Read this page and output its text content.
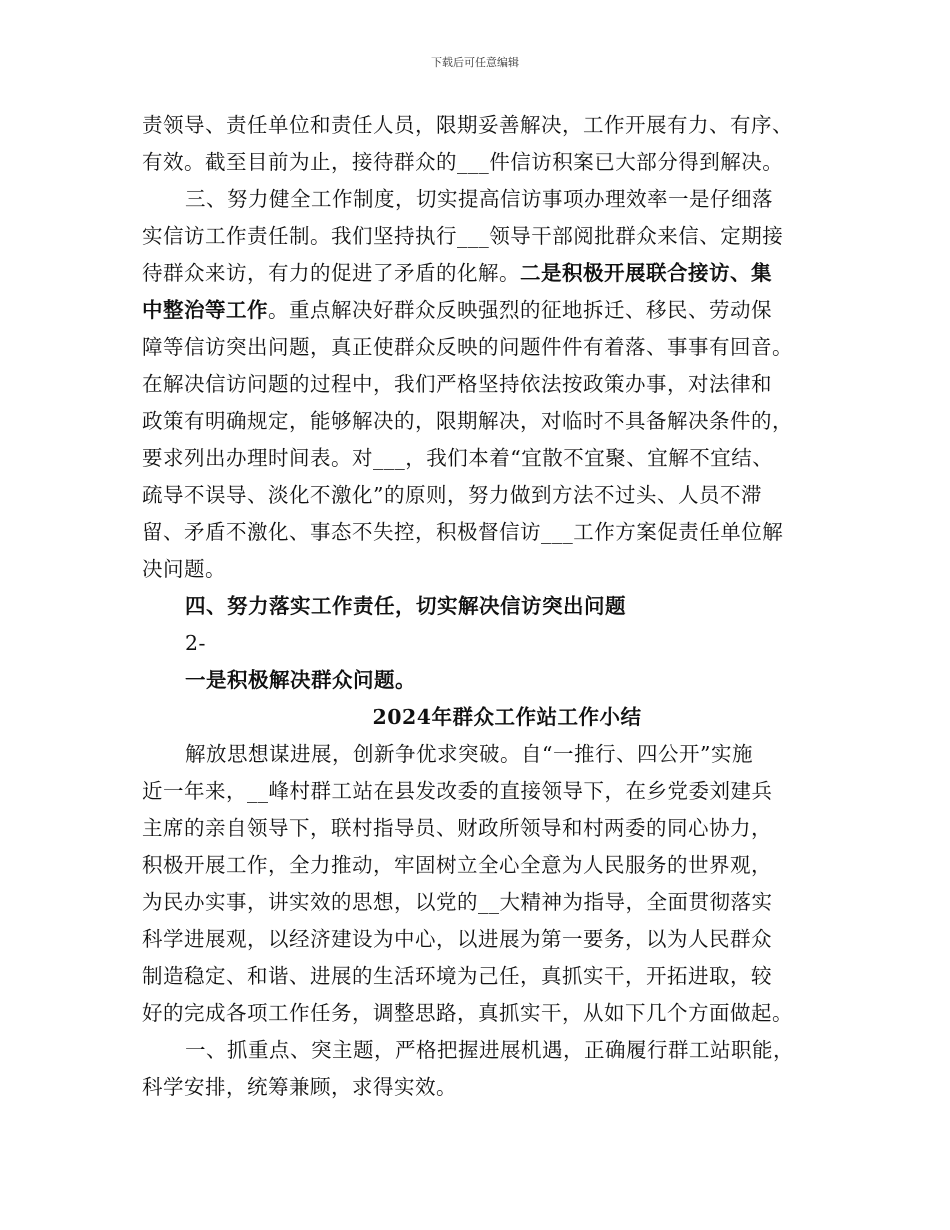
下载后可任意编辑
责领导、责任单位和责任人员，限期妥善解决，工作开展有力、有序、
有效。截至目前为止，接待群众的___件信访积案已大部分得到解决。
三、努力健全工作制度，切实提高信访事项办理效率一是仔细落
实信访工作责任制。我们坚持执行___领导干部阅批群众来信、定期接
待群众来访，有力的促进了矛盾的化解。二是积极开展联合接访、集
中整治等工作。重点解决好群众反映强烈的征地拆迁、移民、劳动保
障等信访突出问题，真正使群众反映的问题件件有着落、事事有回音。
在解决信访问题的过程中，我们严格坚持依法按政策办事，对法律和
政策有明确规定，能够解决的，限期解决，对临时不具备解决条件的，
要求列出办理时间表。对___，我们本着“宜散不宜聚、宜解不宜结、
疏导不误导、淡化不激化”的原则，努力做到方法不过头、人员不滞
留、矛盾不激化、事态不失控，积极督信访___工作方案促责任单位解
决问题。
四、努力落实工作责任，切实解决信访突出问题
2-
一是积极解决群众问题。
2024年群众工作站工作小结
解放思想谋进展，创新争优求突破。自“一推行、四公开”实施
近一年来，__峰村群工站在县发改委的直接领导下，在乡党委刘建兵
主席的亲自领导下，联村指导员、财政所领导和村两委的同心协力，
积极开展工作，全力推动，牢固树立全心全意为人民服务的世界观，
为民办实事，讲实效的思想，以党的__大精神为指导，全面贯彻落实
科学进展观，以经济建设为中心，以进展为第一要务，以为人民群众
制造稳定、和谐、进展的生活环境为己任，真抓实干，开拓进取，较
好的完成各项工作任务，调整思路，真抓实干，从如下几个方面做起。
一、抓重点、突主题，严格把握进展机遇，正确履行群工站职能，
科学安排，统筹兼顾，求得实效。
